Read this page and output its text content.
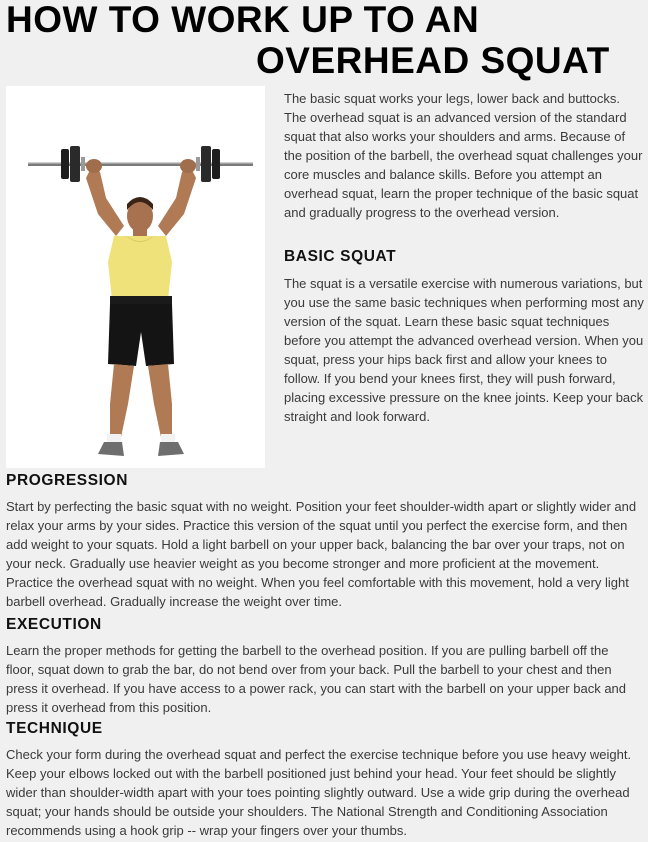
HOW TO WORK UP TO AN
OVERHEAD SQUAT

The basic squat works your legs, lower back and buttocks. The overhead squat is an advanced version of the standard squat that also works your shoulders and arms. Because of the position of the barbell, the overhead squat challenges your core muscles and balance skills. Before you attempt an overhead squat, learn the proper technique of the basic squat and gradually progress to the overhead version.

BASIC SQUAT

The squat is a versatile exercise with numerous variations, but you use the same basic techniques when performing most any version of the squat. Learn these basic squat techniques before you attempt the advanced overhead version. When you squat, press your hips back first and allow your knees to follow. If you bend your knees first, they will push forward, placing excessive pressure on the knee joints. Keep your back straight and look forward.

PROGRESSION

Start by perfecting the basic squat with no weight. Position your feet shoulder-width apart or slightly wider and relax your arms by your sides. Practice this version of the squat until you perfect the exercise form, and then add weight to your squats. Hold a light barbell on your upper back, balancing the bar over your traps, not on your neck. Gradually use heavier weight as you become stronger and more proficient at the movement. Practice the overhead squat with no weight. When you feel comfortable with this movement, hold a very light barbell overhead. Gradually increase the weight over time.

EXECUTION

Learn the proper methods for getting the barbell to the overhead position. If you are pulling barbell off the floor, squat down to grab the bar, do not bend over from your back. Pull the barbell to your chest and then press it overhead. If you have access to a power rack, you can start with the barbell on your upper back and press it overhead from this position.

TECHNIQUE

Check your form during the overhead squat and perfect the exercise technique before you use heavy weight. Keep your elbows locked out with the barbell positioned just behind your head. Your feet should be slightly wider than shoulder-width apart with your toes pointing slightly outward. Use a wide grip during the overhead squat; your hands should be outside your shoulders. The National Strength and Conditioning Association recommends using a hook grip -- wrap your fingers over your thumbs.
